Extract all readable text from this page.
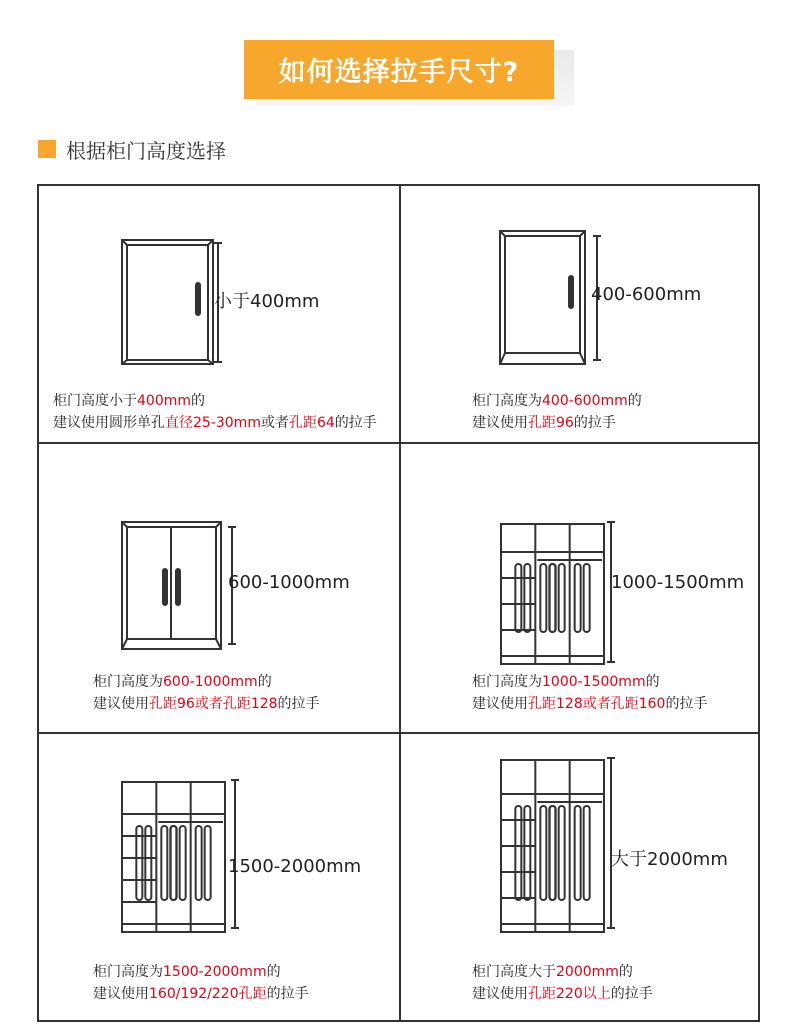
如何选择拉手尺寸?
根据柜门高度选择
小于400mm
柜门高度小于400mm的
建议使用圆形单孔直径25-30mm或者孔距64的拉手
400-600mm
柜门高度为400-600mm的
建议使用孔距96的拉手
600-1000mm
柜门高度为600-1000mm的
建议使用孔距96或者孔距128的拉手
1000-1500mm
柜门高度为1000-1500mm的
建议使用孔距128或者孔距160的拉手
1500-2000mm
柜门高度为1500-2000mm的
建议使用160/192/220孔距的拉手
大于2000mm
柜门高度大于2000mm的
建议使用孔距220以上的拉手
